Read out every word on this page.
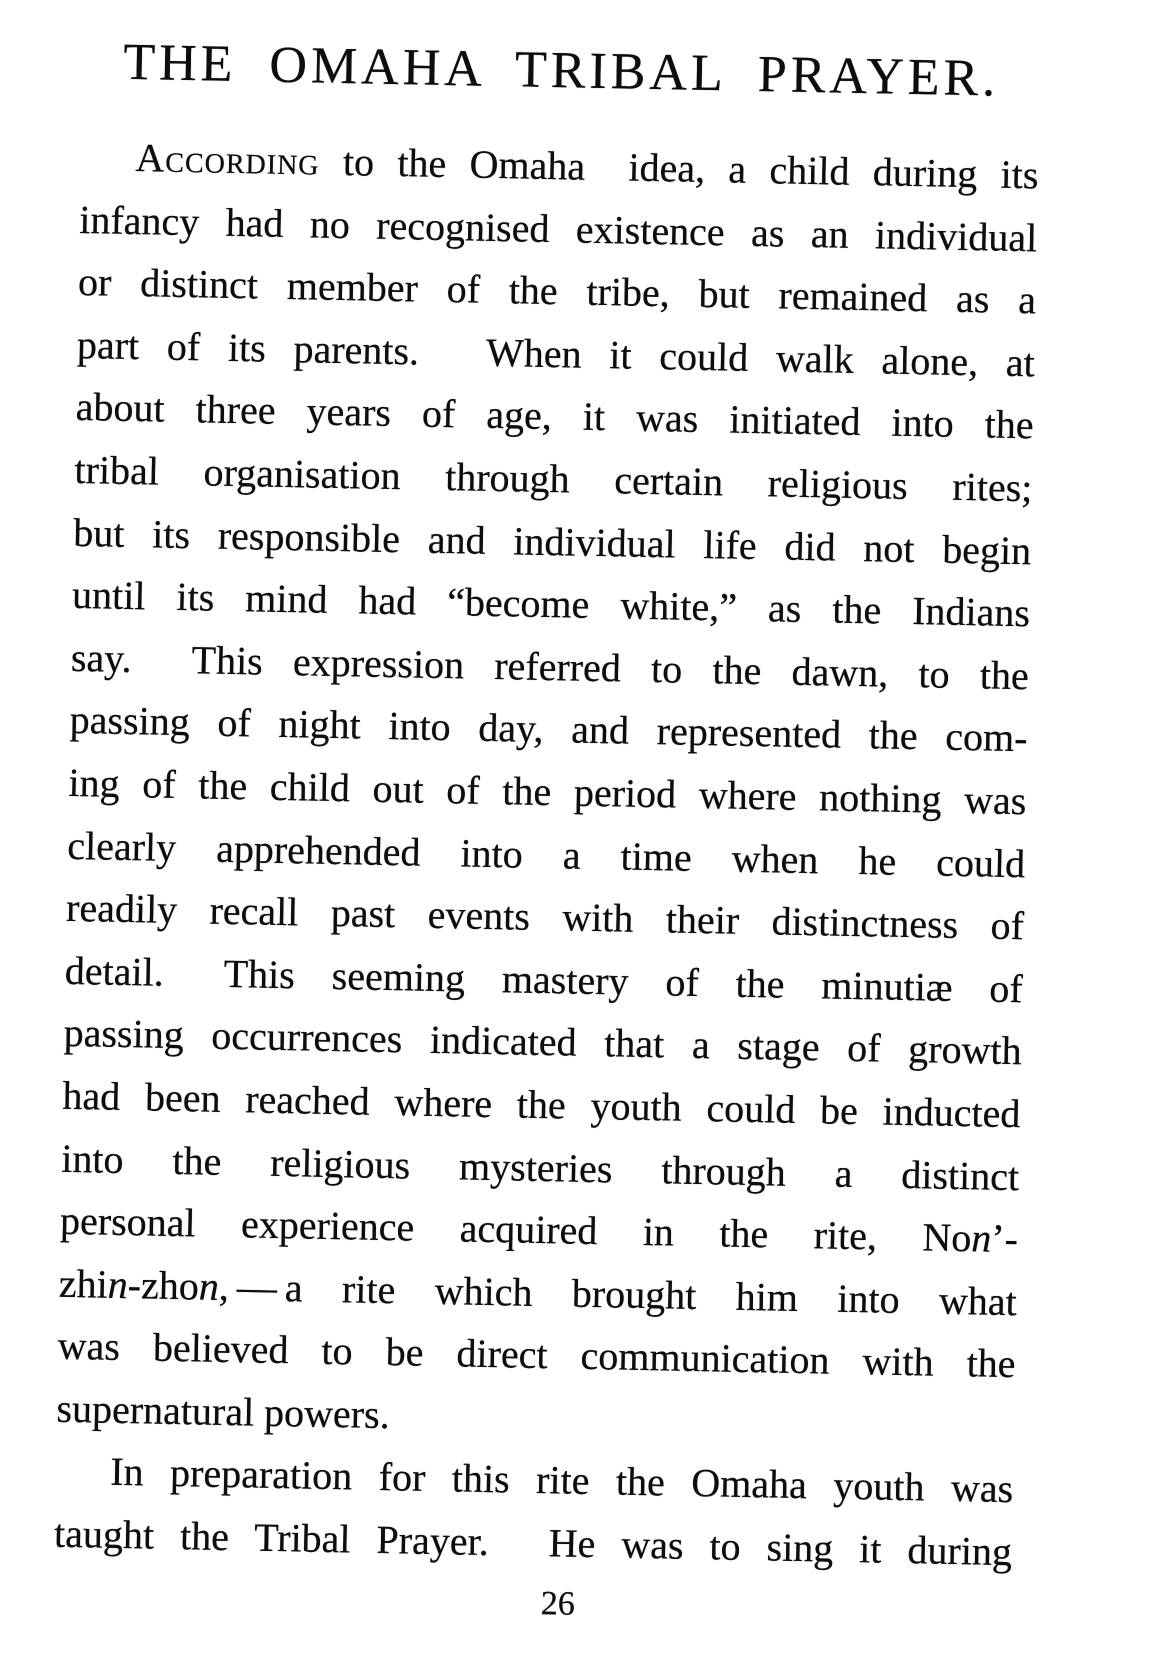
THE OMAHA TRIBAL PRAYER.
According to the Omaha  idea, a child during its
infancy had no recognised existence as an individual
or distinct member of the tribe, but remained as a
part of its parents.  When it could walk alone, at
about three years of age, it was initiated into the
tribal organisation through certain religious rites;
but its responsible and individual life did not begin
until its mind had “become white,” as the Indians
say.  This expression referred to the dawn, to the
passing of night into day, and represented the com-
ing of the child out of the period where nothing was
clearly apprehended into a time when he could
readily recall past events with their distinctness of
detail.  This seeming mastery of the minutiæ of
passing occurrences indicated that a stage of growth
had been reached where the youth could be inducted
into the religious mysteries through a distinct
personal experience acquired in the rite, Non’-
zhin-zhon, — a rite which brought him into what
was believed to be direct communication with the
supernatural powers.
In preparation for this rite the Omaha youth was
taught the Tribal Prayer.  He was to sing it during
26
